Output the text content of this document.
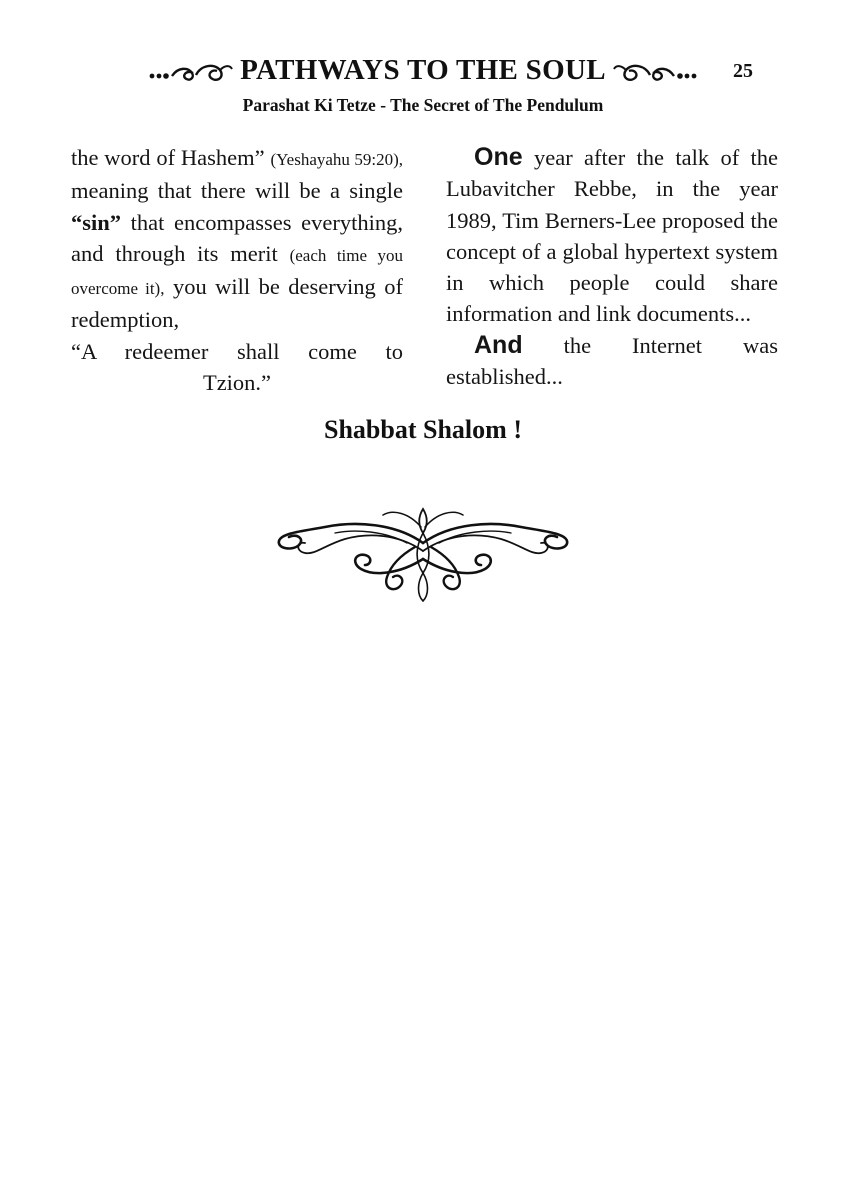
PATHWAYS TO THE SOUL	25
Parashat Ki Tetze - The Secret of The Pendulum

the word of Hashem” (Yeshayahu 59:20), meaning that there will be a single “sin” that encompasses everything, and through its merit (each time you overcome it), you will be deserving of redemption,
“A redeemer shall come to
Tzion.”

One year after the talk of the Lubavitcher Rebbe, in the year 1989, Tim Berners-Lee proposed the concept of a global hypertext system in which people could share information and link documents...

And the Internet was established...

Shabbat Shalom !
